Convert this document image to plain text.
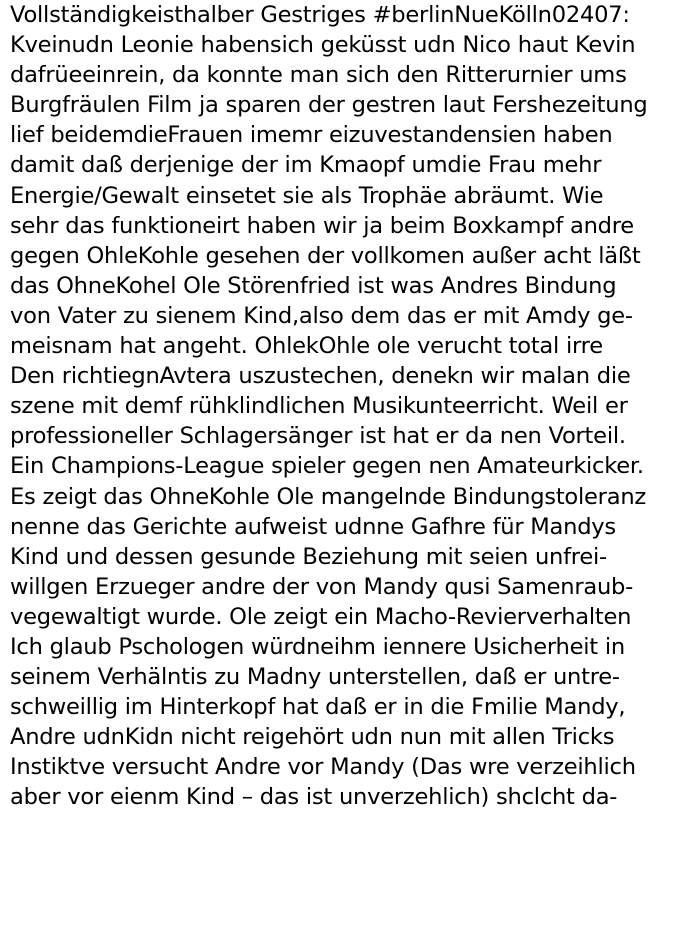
Vollständigkeisthalber Gestriges #berlinNueKölln02407:
Kveinudn Leonie habensich geküsst udn Nico haut Kevin
dafrüeeinrein, da konnte man sich den Ritterurnier ums
Burgfräulen Film ja sparen der gestren laut Fershezeitung
lief beidemdieFrauen imemr eizuvestandensien haben
damit daß derjenige der im Kmaopf umdie Frau mehr
Energie/Gewalt einsetet sie als Trophäe abräumt. Wie
sehr das funktioneirt haben wir ja beim Boxkampf andre
gegen OhleKohle gesehen der vollkomen außer acht läßt
das OhneKohel Ole Störenfried ist was Andres Bindung
von Vater zu sienem Kind,also dem das er mit Amdy ge-
meisnam hat angeht. OhlekOhle ole verucht total irre
Den richtiegnAvtera uszustechen, denekn wir malan die
szene mit demf rühklindlichen Musikunteerricht. Weil er
professioneller Schlagersänger ist hat er da nen Vorteil.
Ein Champions-League spieler gegen nen Amateurkicker.
Es zeigt das OhneKohle Ole mangelnde Bindungstoleranz
nenne das Gerichte aufweist udnne Gafhre für Mandys
Kind und dessen gesunde Beziehung mit seien unfrei-
willgen Erzueger andre der von Mandy qusi Samenraub-
vegewaltigt wurde. Ole zeigt ein Macho-Revierverhalten
Ich glaub Pschologen würdneihm iennere Usicherheit in
seinem Verhälntis zu Madny unterstellen, daß er untre-
schweillig im Hinterkopf hat daß er in die Fmilie Mandy,
Andre udnKidn nicht reigehört udn nun mit allen Tricks
Instiktve versucht Andre vor Mandy (Das wre verzeihlich
aber vor eienm Kind – das ist unverzehlich) shclcht da-
